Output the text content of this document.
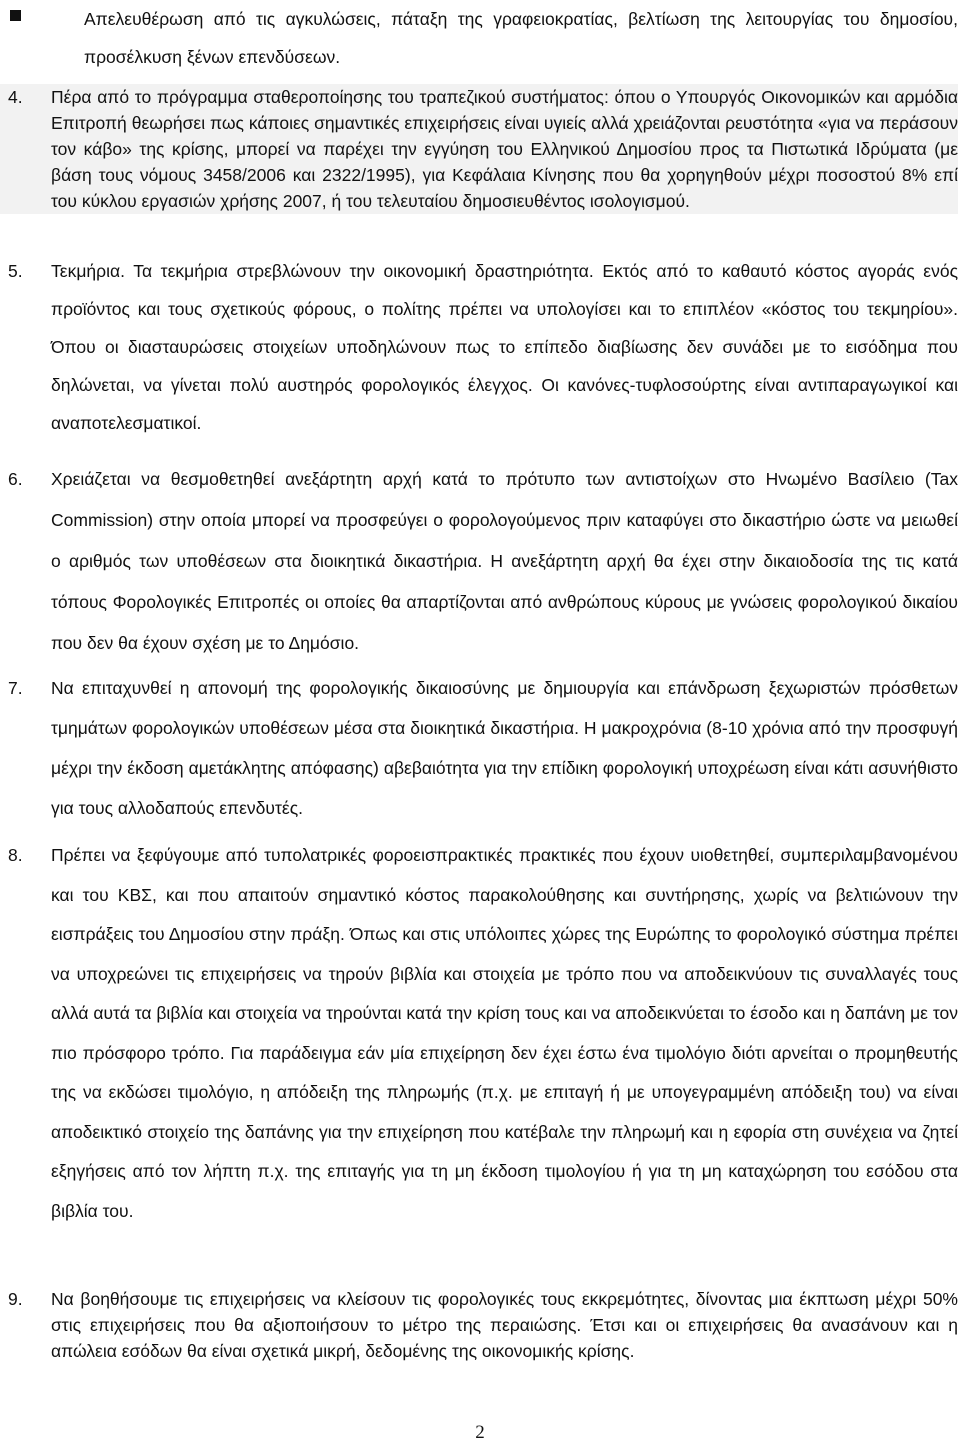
Απελευθέρωση από τις αγκυλώσεις, πάταξη της γραφειοκρατίας, βελτίωση της λειτουργίας του δημοσίου, προσέλκυση ξένων επενδύσεων.
4. Πέρα από το πρόγραμμα σταθεροποίησης του τραπεζικού συστήματος: όπου ο Υπουργός Οικονομικών και αρμόδια Επιτροπή θεωρήσει πως κάποιες σημαντικές επιχειρήσεις είναι υγιείς αλλά χρειάζονται ρευστότητα «για να περάσουν τον κάβο» της κρίσης, μπορεί να παρέχει την εγγύηση του Ελληνικού Δημοσίου προς τα Πιστωτικά Ιδρύματα (με βάση τους νόμους 3458/2006 και 2322/1995), για Κεφάλαια Κίνησης που θα χορηγηθούν μέχρι ποσοστού 8% επί του κύκλου εργασιών χρήσης 2007, ή του τελευταίου δημοσιευθέντος ισολογισμού.
5. Τεκμήρια. Τα τεκμήρια στρεβλώνουν την οικονομική δραστηριότητα. Εκτός από το καθαυτό κόστος αγοράς ενός προϊόντος και τους σχετικούς φόρους, ο πολίτης πρέπει να υπολογίσει και το επιπλέον «κόστος του τεκμηρίου». Όπου οι διασταυρώσεις στοιχείων υποδηλώνουν πως το επίπεδο διαβίωσης δεν συνάδει με το εισόδημα που δηλώνεται, να γίνεται πολύ αυστηρός φορολογικός έλεγχος. Οι κανόνες-τυφλοσούρτης είναι αντιπαραγωγικοί και αναποτελεσματικοί.
6. Χρειάζεται να θεσμοθετηθεί ανεξάρτητη αρχή κατά το πρότυπο των αντιστοίχων στο Ηνωμένο Βασίλειο (Tax Commission) στην οποία μπορεί να προσφεύγει ο φορολογούμενος πριν καταφύγει στο δικαστήριο ώστε να μειωθεί ο αριθμός των υποθέσεων στα διοικητικά δικαστήρια. Η ανεξάρτητη αρχή θα έχει στην δικαιοδοσία της τις κατά τόπους Φορολογικές Επιτροπές οι οποίες θα απαρτίζονται από ανθρώπους κύρους με γνώσεις φορολογικού δικαίου που δεν θα έχουν σχέση με το Δημόσιο.
7. Να επιταχυνθεί η απονομή της φορολογικής δικαιοσύνης με δημιουργία και επάνδρωση ξεχωριστών πρόσθετων τμημάτων φορολογικών υποθέσεων μέσα στα διοικητικά δικαστήρια. Η μακροχρόνια (8-10 χρόνια από την προσφυγή μέχρι την έκδοση αμετάκλητης απόφασης) αβεβαιότητα για την επίδικη φορολογική υποχρέωση είναι κάτι ασυνήθιστο για τους αλλοδαπούς επενδυτές.
8. Πρέπει να ξεφύγουμε από τυπολατρικές φοροεισπρακτικές πρακτικές που έχουν υιοθετηθεί, συμπεριλαμβανομένου και του ΚΒΣ, και που απαιτούν σημαντικό κόστος παρακολούθησης και συντήρησης, χωρίς να βελτιώνουν την εισπράξεις του Δημοσίου στην πράξη. Όπως και στις υπόλοιπες χώρες της Ευρώπης το φορολογικό σύστημα πρέπει να υποχρεώνει τις επιχειρήσεις να τηρούν βιβλία και στοιχεία με τρόπο που να αποδεικνύουν τις συναλλαγές τους αλλά αυτά τα βιβλία και στοιχεία να τηρούνται κατά την κρίση τους και να αποδεικνύεται το έσοδο και η δαπάνη με τον πιο πρόσφορο τρόπο. Για παράδειγμα εάν μία επιχείρηση δεν έχει έστω ένα τιμολόγιο διότι αρνείται ο προμηθευτής της να εκδώσει τιμολόγιο, η απόδειξη της πληρωμής (π.χ. με επιταγή ή με υπογεγραμμένη απόδειξη του) να είναι αποδεικτικό στοιχείο της δαπάνης για την επιχείρηση που κατέβαλε την πληρωμή και η εφορία στη συνέχεια να ζητεί εξηγήσεις από τον λήπτη π.χ. της επιταγής για τη μη έκδοση τιμολογίου ή για τη μη καταχώρηση του εσόδου στα βιβλία του.
9. Να βοηθήσουμε τις επιχειρήσεις να κλείσουν τις φορολογικές τους εκκρεμότητες, δίνοντας μια έκπτωση μέχρι 50% στις επιχειρήσεις που θα αξιοποιήσουν το μέτρο της περαιώσης. Έτσι και οι επιχειρήσεις θα ανασάνουν και η απώλεια εσόδων θα είναι σχετικά μικρή, δεδομένης της οικονομικής κρίσης.
2
